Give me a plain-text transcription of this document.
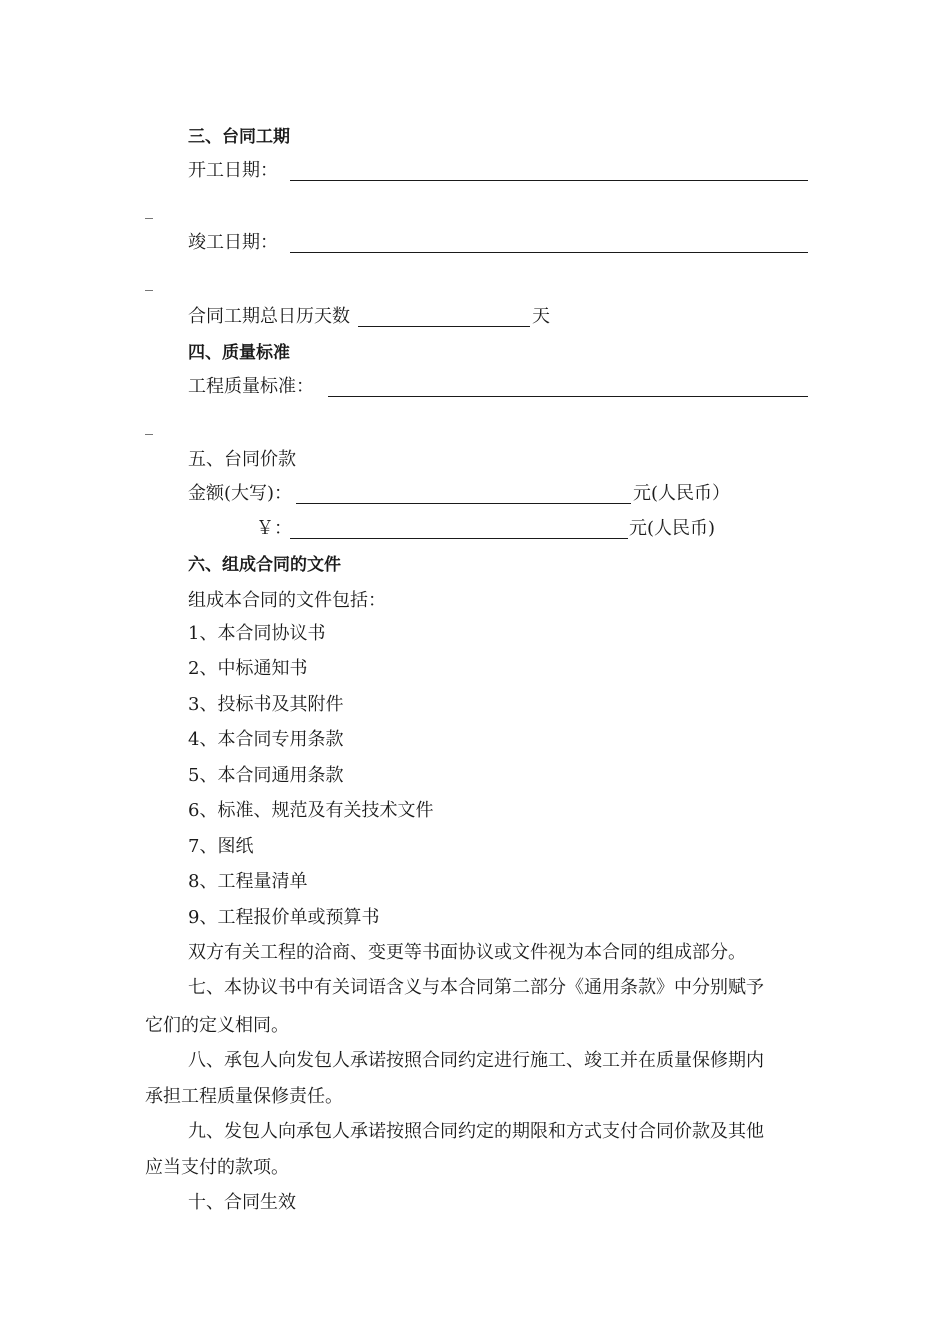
三、台同工期
开工日期：
_
竣工日期：
_
合同工期总日历天数	天
四、质量标准
工程质量标准：
_
五、台同价款
金额(大写)：	元(人民币）
￥：	元(人民币)
六、组成合同的文件
组成本合同的文件包括：
1、本合同协议书
2、中标通知书
3、投标书及其附件
4、本合同专用条款
5、本合同通用条款
6、标准、规范及有关技术文件
7、图纸
8、工程量清单
9、工程报价单或预算书
双方有关工程的洽商、变更等书面协议或文件视为本合同的组成部分。
七、本协议书中有关词语含义与本合同第二部分《通用条款》中分别赋予
它们的定义相同。
八、承包人向发包人承诺按照合同约定进行施工、竣工并在质量保修期内
承担工程质量保修责任。
九、发包人向承包人承诺按照合同约定的期限和方式支付合同价款及其他
应当支付的款项。
十、合同生效
